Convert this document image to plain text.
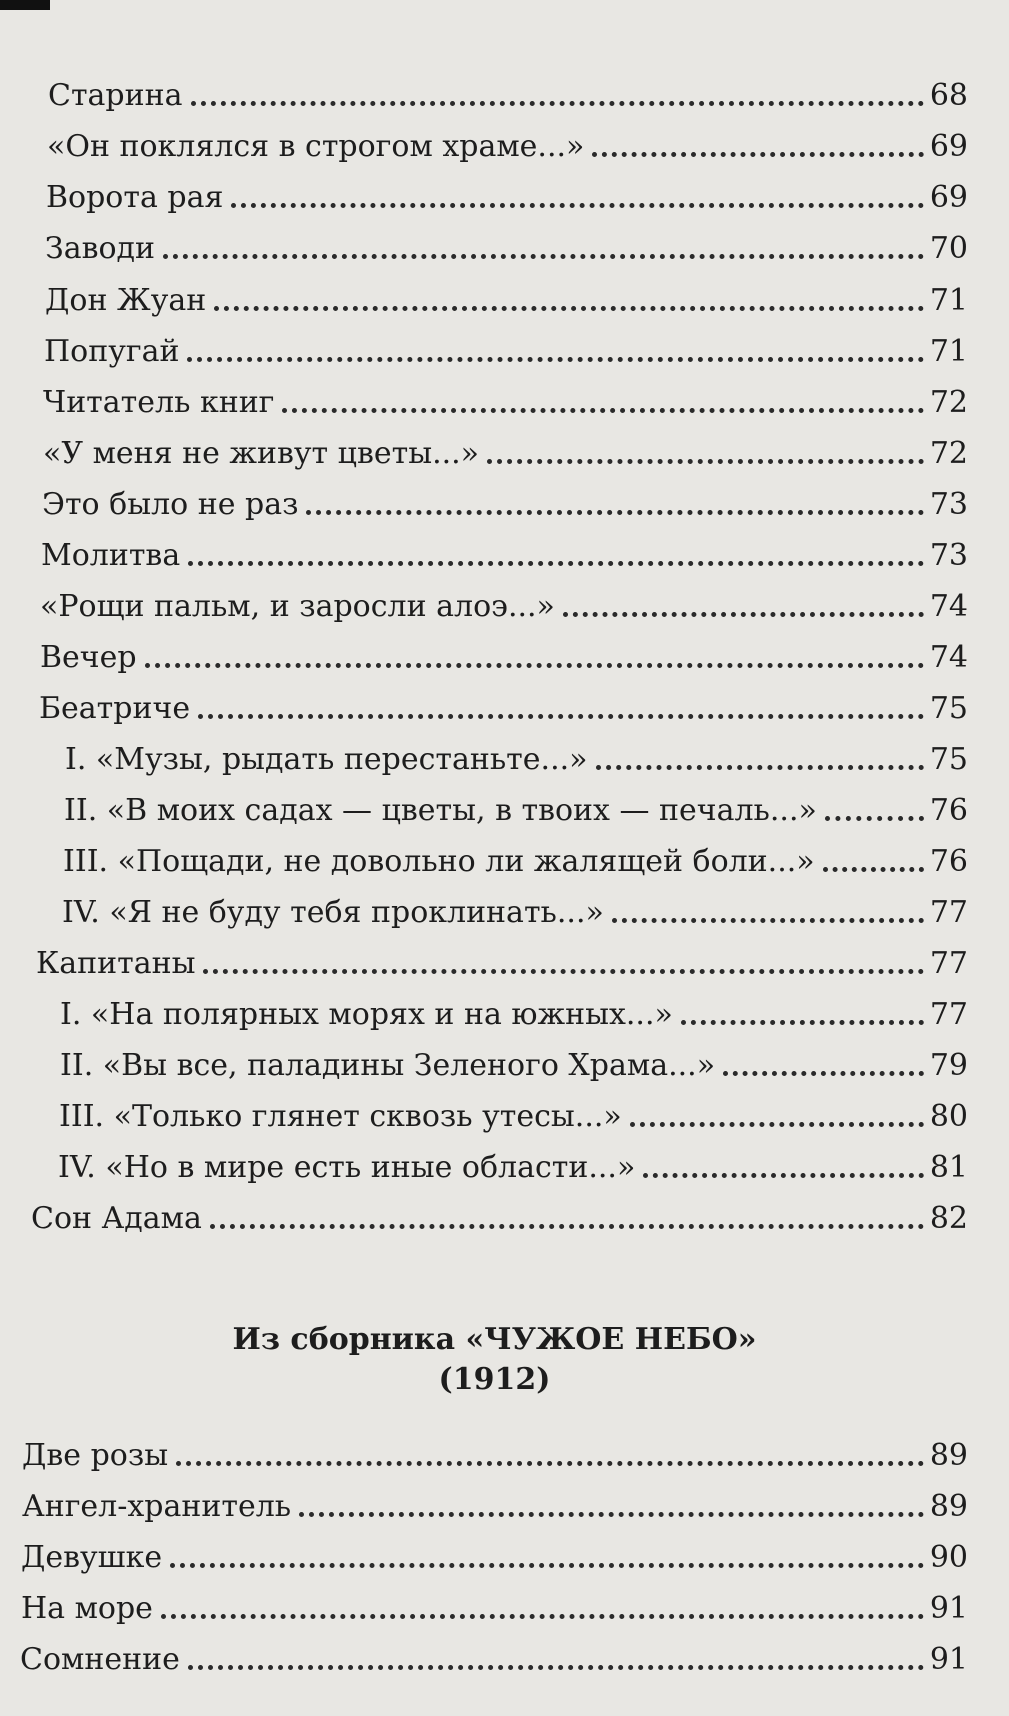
Старина	68
«Он поклялся в строгом храме...»	69
Ворота рая	69
Заводи	70
Дон Жуан	71
Попугай	71
Читатель книг	72
«У меня не живут цветы...»	72
Это было не раз	73
Молитва	73
«Рощи пальм, и заросли алоэ...»	74
Вечер	74
Беатриче	75
I. «Музы, рыдать перестаньте...»	75
II. «В моих садах — цветы, в твоих — печаль...»	76
III. «Пощади, не довольно ли жалящей боли...»	76
IV. «Я не буду тебя проклинать...»	77
Капитаны	77
I. «На полярных морях и на южных...»	77
II. «Вы все, паладины Зеленого Храма...»	79
III. «Только глянет сквозь утесы...»	80
IV. «Но в мире есть иные области...»	81
Сон Адама	82
Из сборника «ЧУЖОЕ НЕБО»
(1912)
Две розы	89
Ангел-хранитель	89
Девушке	90
На море	91
Сомнение	91
